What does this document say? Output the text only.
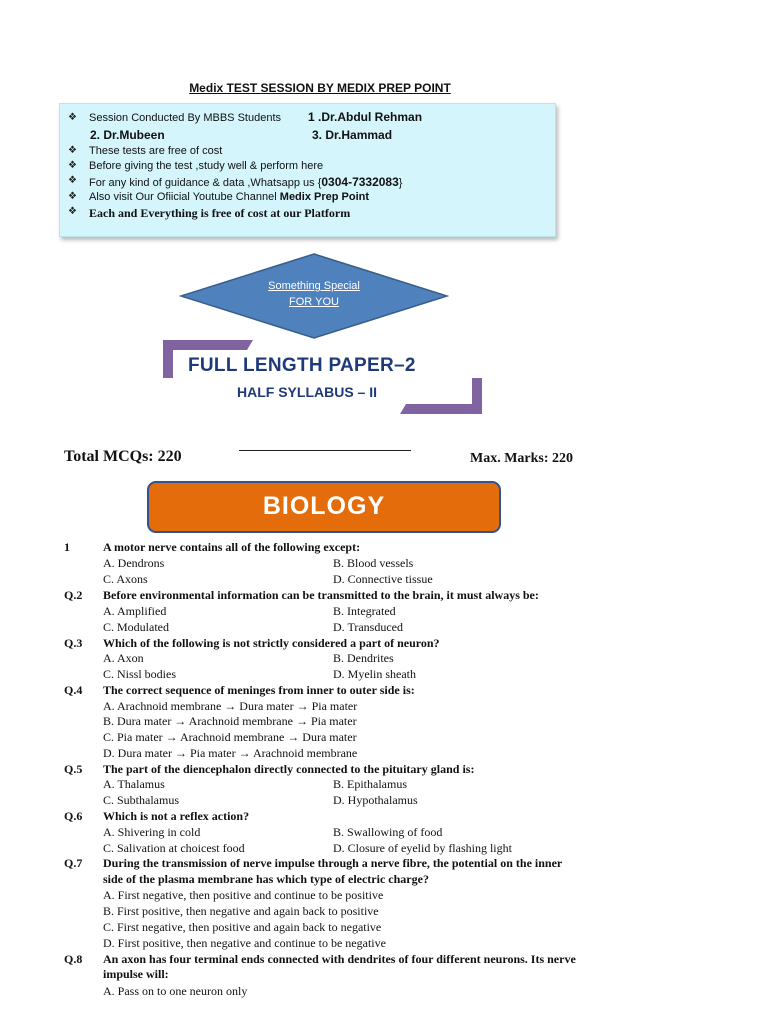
Medix TEST SESSION BY MEDIX PREP POINT
❖ Session Conducted By MBBS Students 1 .Dr.Abdul Rehman
2. Dr.Mubeen	3. Dr.Hammad
❖ These tests are free of cost
❖ Before giving the test ,study well & perform here
❖ For any kind of guidance & data ,Whatsapp us {0304-7332083}
❖ Also visit Our Ofiicial Youtube Channel Medix Prep Point
❖ Each and Everything is free of cost at our Platform
Something Special
FOR YOU
FULL LENGTH PAPER–2
HALF SYLLABUS – II
Total MCQs: 220	Max. Marks: 220
BIOLOGY
1	A motor nerve contains all of the following except:
A. Dendrons	B. Blood vessels
C. Axons	D. Connective tissue
Q.2 Before environmental information can be transmitted to the brain, it must always be:
A. Amplified	B. Integrated
C. Modulated	D. Transduced
Q.3 Which of the following is not strictly considered a part of neuron?
A. Axon	B. Dendrites
C. Nissl bodies	D. Myelin sheath
Q.4 The correct sequence of meninges from inner to outer side is:
A. Arachnoid membrane → Dura mater → Pia mater
B. Dura mater → Arachnoid membrane → Pia mater
C. Pia mater → Arachnoid membrane → Dura mater
D. Dura mater → Pia mater → Arachnoid membrane
Q.5 The part of the diencephalon directly connected to the pituitary gland is:
A. Thalamus	B. Epithalamus
C. Subthalamus	D. Hypothalamus
Q.6 Which is not a reflex action?
A. Shivering in cold	B. Swallowing of food
C. Salivation at choicest food	D. Closure of eyelid by flashing light
Q.7 During the transmission of nerve impulse through a nerve fibre, the potential on the inner
side of the plasma membrane has which type of electric charge?
A. First negative, then positive and continue to be positive
B. First positive, then negative and again back to positive
C. First negative, then positive and again back to negative
D. First positive, then negative and continue to be negative
Q.8 An axon has four terminal ends connected with dendrites of four different neurons. Its nerve
impulse will:
A. Pass on to one neuron only
